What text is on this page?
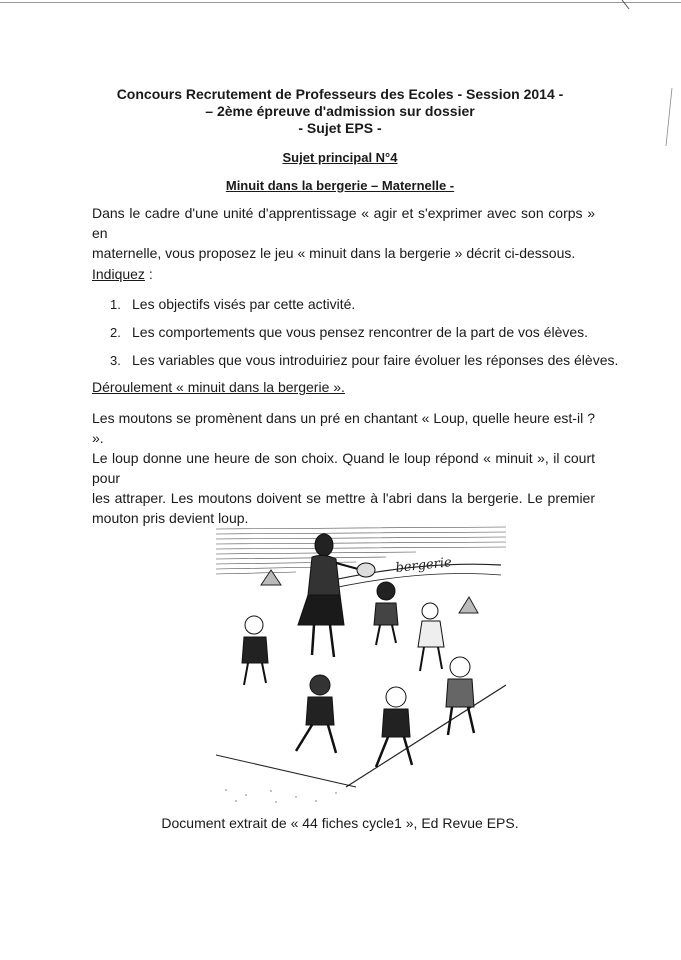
Concours Recrutement de Professeurs des Ecoles - Session 2014 -
– 2ème épreuve d'admission sur dossier
- Sujet EPS -
Sujet principal N°4
Minuit dans la bergerie – Maternelle -
Dans le cadre d'une unité d'apprentissage « agir et s'exprimer avec son corps » en
maternelle, vous proposez le jeu « minuit dans la bergerie » décrit ci-dessous.
Indiquez :
1. Les objectifs visés par cette activité.
2. Les comportements que vous pensez rencontrer de la part de vos élèves.
3. Les variables que vous introduiriez pour faire évoluer les réponses des élèves.
Déroulement « minuit dans la bergerie ».
Les moutons se promènent dans un pré en chantant « Loup, quelle heure est-il ? ».
Le loup donne une heure de son choix. Quand le loup répond « minuit », il court pour
les attraper. Les moutons doivent se mettre à l'abri dans la bergerie. Le premier
mouton pris devient loup.
bergerie
Document extrait de « 44 fiches cycle1 », Ed Revue EPS.
